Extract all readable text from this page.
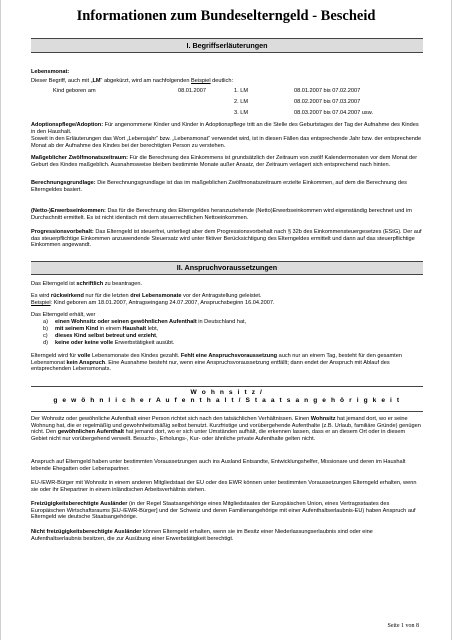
Informationen zum Bundeselterngeld - Bescheid
I. Begriffserläuterungen
Lebensmonat:
Dieser Begriff, auch mit „LM“ abgekürzt, wird am nachfolgenden Beispiel deutlich:
Kind geboren am	08.01.2007	1. LM	08.01.2007 bis 07.02.2007
2. LM	08.02.2007 bis 07.03.2007
3. LM	08.03.2007 bis 07.04.2007 usw.
Adoptionspflege/Adoption: Für angenommene Kinder und Kinder in Adoptionspflege tritt an die Stelle des Geburtstages der Tag der Aufnahme des Kindes in den Haushalt.
Soweit in den Erläuterungen das Wort „Lebensjahr“ bzw. „Lebensmonat“ verwendet wird, ist in diesen Fällen das entsprechende Jahr bzw. der entsprechende Monat ab der Aufnahme des Kindes bei der berechtigten Person zu verstehen.
Maßgeblicher Zwölfmonatszeitraum: Für die Berechnung des Einkommens ist grundsätzlich der Zeitraum von zwölf Kalendermonaten vor dem Monat der Geburt des Kindes maßgeblich. Ausnahmsweise bleiben bestimmte Monate außer Ansatz, der Zeitraum verlagert sich entsprechend nach hinten.
Berechnungsgrundlage: Die Berechnungsgrundlage ist das im maßgeblichen Zwölfmonatszeitraum erzielte Einkommen, auf dem die Berechnung des Elterngeldes basiert.
(Netto-)Erwerbseinkommen: Das für die Berechnung des Elterngeldes heranzuziehende (Netto)Erwerbseinkommen wird eigenständig berechnet und im Durchschnitt ermittelt. Es ist nicht identisch mit dem steuerrechtlichen Nettoeinkommen.
Progressionsvorbehalt: Das Elterngeld ist steuerfrei, unterliegt aber dem Progressionsvorbehalt nach § 32b des Einkommensteuergesetzes (EStG). Der auf das steuerpflichtige Einkommen anzuwendende Steuersatz wird unter fiktiver Berücksichtigung des Elterngeldes ermittelt und dann auf das steuerpflichtige Einkommen angewandt.
II. Anspruchvoraussetzungen
Das Elterngeld ist schriftlich zu beantragen.
Es wird rückwirkend nur für die letzten drei Lebensmonate vor der Antragstellung geleistet.
Beispiel: Kind geboren am 18.01.2007, Antragseingang 24.07.2007, Anspruchsbeginn 16.04.2007.
Das Elterngeld erhält, wer
a) einen Wohnsitz oder seinen gewöhnlichen Aufenthalt in Deutschland hat,
b) mit seinem Kind in einem Haushalt lebt,
c) dieses Kind selbst betreut und erzieht,
d) keine oder keine volle Erwerbstätigkeit ausübt.
Elterngeld wird für volle Lebensmonate des Kindes gezahlt. Fehlt eine Anspruchsvoraussetzung auch nur an einem Tag, besteht für den gesamten Lebensmonat kein Anspruch. Eine Ausnahme besteht nur, wenn eine Anspruchsvoraussetzung entfällt; dann endet der Anspruch mit Ablauf des entsprechenden Lebensmonats.
W o h n s i t z /
g e w ö h n l i c h e r A u f e n t h a l t / S t a a t s a n g e h ö r i g k e i t
Der Wohnsitz oder gewöhnliche Aufenthalt einer Person richtet sich nach den tatsächlichen Verhältnissen. Einen Wohnsitz hat jemand dort, wo er seine Wohnung hat, die er regelmäßig und gewohnheitsmäßig selbst benutzt. Kurzfristige und vorübergehende Aufenthalte (z.B. Urlaub, familiäre Gründe) genügen nicht. Den gewöhnlichen Aufenthalt hat jemand dort, wo er sich unter Umständen aufhält, die erkennen lassen, dass er an diesem Ort oder in diesem Gebiet nicht nur vorübergehend verweilt. Besuchs-, Erholungs-, Kur- oder ähnliche private Aufenthalte gelten nicht.
Anspruch auf Elterngeld haben unter bestimmten Voraussetzungen auch ins Ausland Entsandte, Entwicklungshelfer, Missionare und deren im Haushalt lebende Ehegatten oder Lebenspartner.
EU-/EWR-Bürger mit Wohnsitz in einem anderen Mitgliedstaat der EU oder des EWR können unter bestimmten Voraussetzungen Elterngeld erhalten, wenn sie oder ihr Ehepartner in einem inländischen Arbeitsverhältnis stehen.
Freizügigkeitsberechtigte Ausländer (in der Regel Staatsangehörige eines Mitgliedstaates der Europäischen Union, eines Vertragsstaates des Europäischen Wirtschaftsraums [EU-/EWR-Bürger] und der Schweiz und deren Familienangehörige mit einer Aufenthaltserlaubnis-EU) haben Anspruch auf Elterngeld wie deutsche Staatsangehörige.
Nicht freizügigkeitsberechtigte Ausländer können Elterngeld erhalten, wenn sie im Besitz einer Niederlassungserlaubnis sind oder eine Aufenthaltserlaubnis besitzen, die zur Ausübung einer Erwerbstätigkeit berechtigt.
Seite 1 von 8
